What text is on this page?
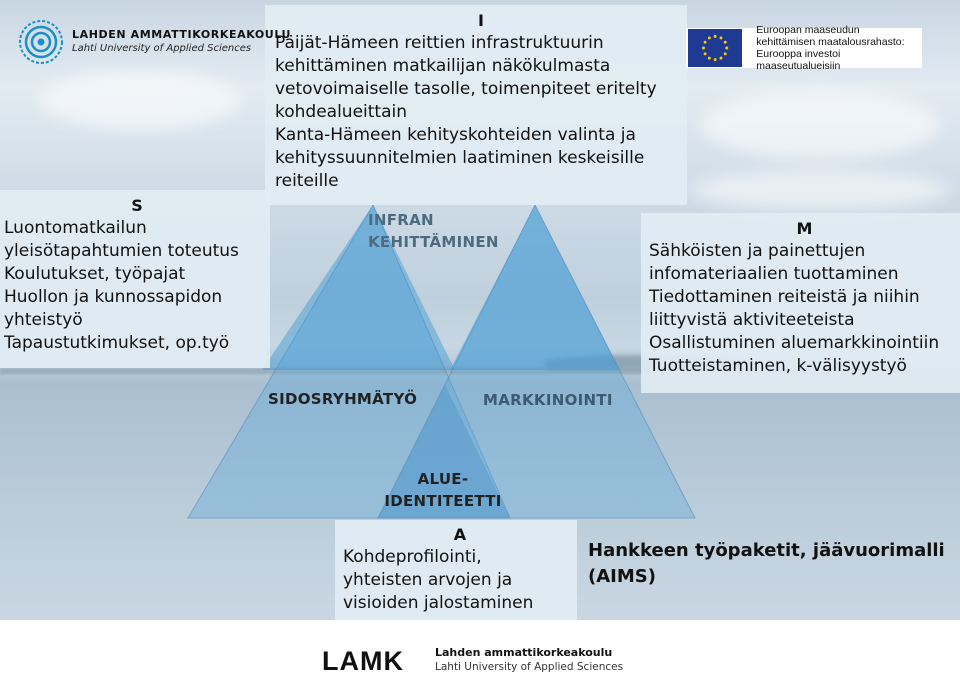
INFRAN
KEHITTÄMINEN
SIDOSRYHMÄTYÖ	MARKKINOINTI
ALUE-
IDENTITEETTI
I
Päijät-Hämeen reittien infrastruktuurin
kehittäminen matkailijan näkökulmasta
vetovoimaiselle tasolle, toimenpiteet eritelty
kohdealueittain
Kanta-Hämeen kehityskohteiden valinta ja
kehityssuunnitelmien laatiminen keskeisille
reiteille
S
Luontomatkailun
yleisötapahtumien toteutus
Koulutukset, työpajat
Huollon ja kunnossapidon
yhteistyö
Tapaustutkimukset, op.työ
M
Sähköisten ja painettujen
infomateriaalien tuottaminen
Tiedottaminen reiteistä ja niihin
liittyvistä aktiviteeteista
Osallistuminen aluemarkkinointiin
Tuotteistaminen, k-välisyystyö
A
Kohdeprofilointi,
yhteisten arvojen ja
visioiden jalostaminen
Hankkeen työpaketit, jäävuorimalli
(AIMS)
LAHDEN AMMATTIKORKEAKOULU
Lahti University of Applied Sciences
Euroopan maaseudun
kehittämisen maatalousrahasto:
Eurooppa investoi maaseutualueisiin
LAMK	Lahden ammattikorkeakoulu
Lahti University of Applied Sciences
